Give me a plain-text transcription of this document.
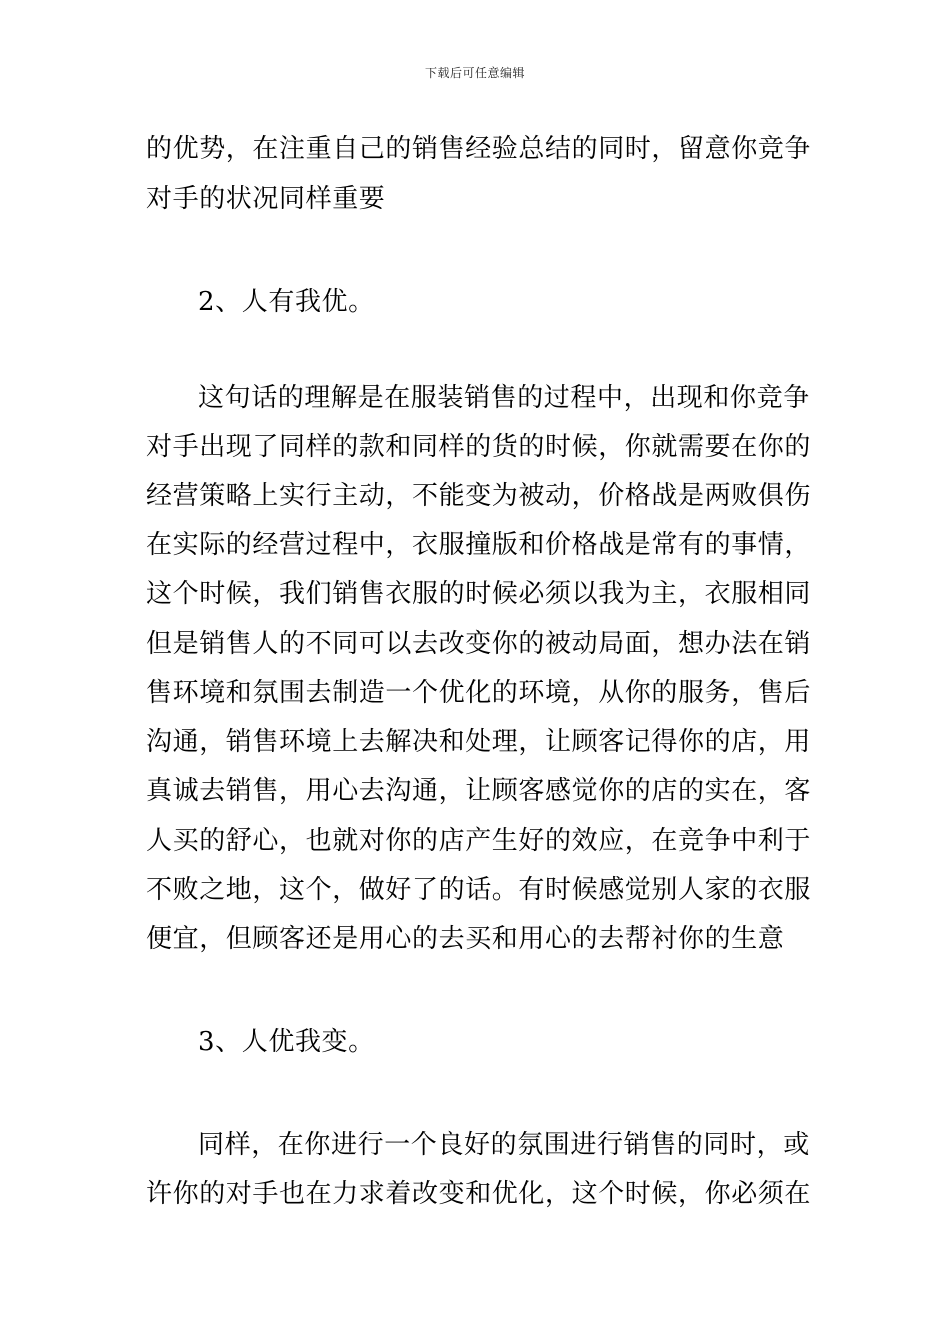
下载后可任意编辑
的优势，在注重自己的销售经验总结的同时，留意你竞争
对手的状况同样重要
2、人有我优。
这句话的理解是在服装销售的过程中，出现和你竞争
对手出现了同样的款和同样的货的时候，你就需要在你的
经营策略上实行主动，不能变为被动，价格战是两败俱伤
在实际的经营过程中，衣服撞版和价格战是常有的事情，
这个时候，我们销售衣服的时候必须以我为主，衣服相同
但是销售人的不同可以去改变你的被动局面，想办法在销
售环境和氛围去制造一个优化的环境，从你的服务，售后
沟通，销售环境上去解决和处理，让顾客记得你的店，用
真诚去销售，用心去沟通，让顾客感觉你的店的实在，客
人买的舒心，也就对你的店产生好的效应，在竞争中利于
不败之地，这个，做好了的话。有时候感觉别人家的衣服
便宜，但顾客还是用心的去买和用心的去帮衬你的生意
3、人优我变。
同样，在你进行一个良好的氛围进行销售的同时，或
许你的对手也在力求着改变和优化，这个时候，你必须在
